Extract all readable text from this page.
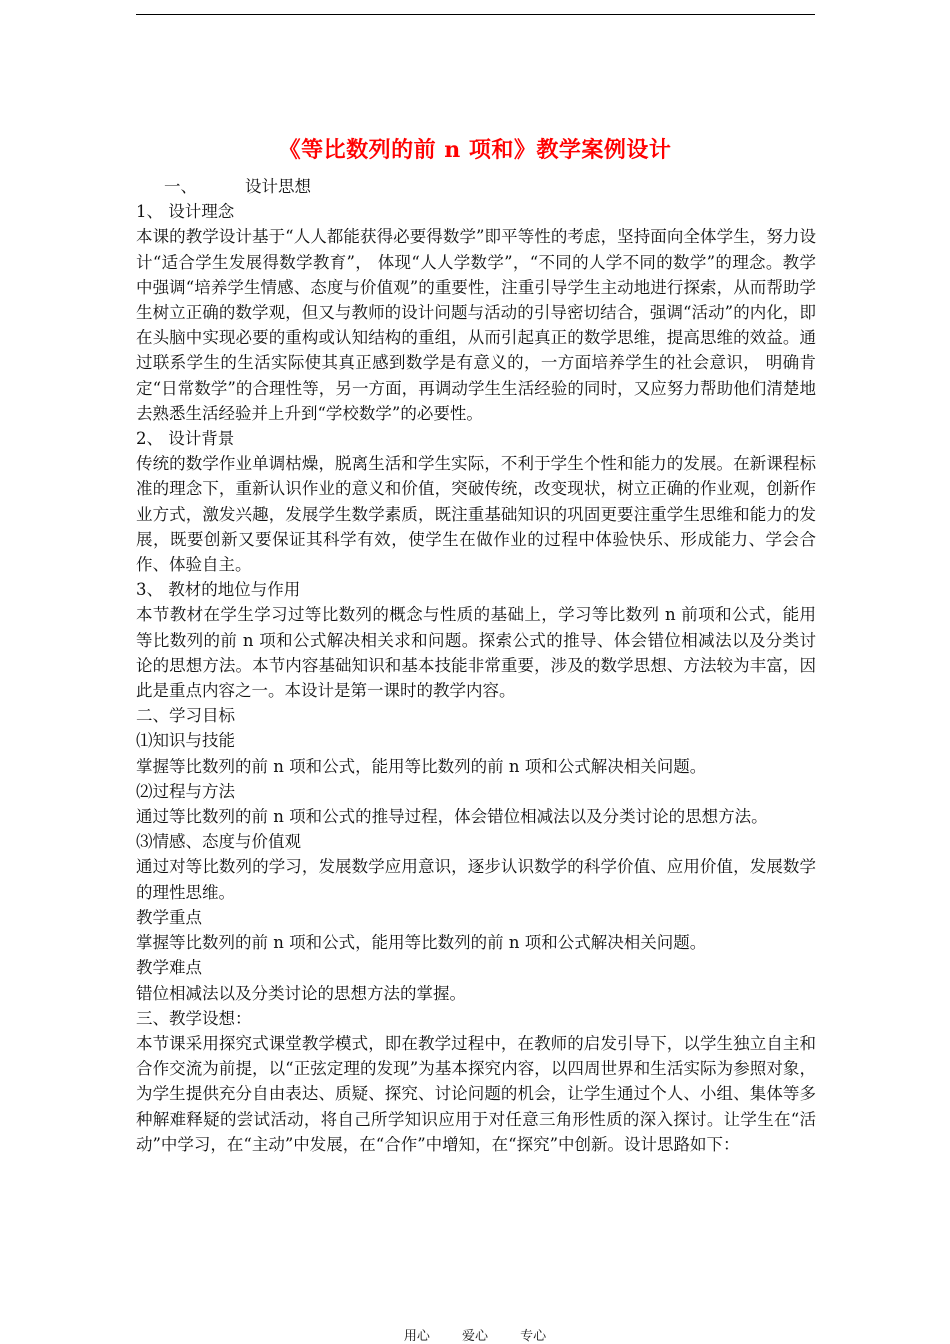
《等比数列的前 n 项和》教学案例设计

一、	设计思想

1、 设计理念

本课的教学设计基于“人人都能获得必要得数学”即平等性的考虑，坚持面向全体学生，努力设计“适合学生发展得数学教育”， 体现“人人学数学”，“不同的人学不同的数学”的理念。教学中强调“培养学生情感、态度与价值观”的重要性，注重引导学生主动地进行探索，从而帮助学生树立正确的数学观，但又与教师的设计问题与活动的引导密切结合，强调“活动”的内化，即在头脑中实现必要的重构或认知结构的重组，从而引起真正的数学思维，提高思维的效益。通过联系学生的生活实际使其真正感到数学是有意义的，一方面培养学生的社会意识， 明确肯定“日常数学”的合理性等，另一方面，再调动学生生活经验的同时，又应努力帮助他们清楚地去熟悉生活经验并上升到“学校数学”的必要性。

2、 设计背景

传统的数学作业单调枯燥，脱离生活和学生实际，不利于学生个性和能力的发展。在新课程标准的理念下，重新认识作业的意义和价值，突破传统，改变现状，树立正确的作业观，创新作业方式，激发兴趣，发展学生数学素质，既注重基础知识的巩固更要注重学生思维和能力的发展，既要创新又要保证其科学有效，使学生在做作业的过程中体验快乐、形成能力、学会合作、体验自主。

3、 教材的地位与作用

本节教材在学生学习过等比数列的概念与性质的基础上，学习等比数列 n 前项和公式，能用等比数列的前 n 项和公式解决相关求和问题。探索公式的推导、体会错位相减法以及分类讨论的思想方法。本节内容基础知识和基本技能非常重要，涉及的数学思想、方法较为丰富，因此是重点内容之一。本设计是第一课时的教学内容。

二、学习目标

⑴知识与技能

掌握等比数列的前 n 项和公式，能用等比数列的前 n 项和公式解决相关问题。

⑵过程与方法

通过等比数列的前 n 项和公式的推导过程，体会错位相减法以及分类讨论的思想方法。

⑶情感、态度与价值观

通过对等比数列的学习，发展数学应用意识，逐步认识数学的科学价值、应用价值，发展数学的理性思维。

教学重点

掌握等比数列的前 n 项和公式，能用等比数列的前 n 项和公式解决相关问题。

教学难点

错位相减法以及分类讨论的思想方法的掌握。

三、教学设想：

本节课采用探究式课堂教学模式，即在教学过程中，在教师的启发引导下，以学生独立自主和合作交流为前提，以“正弦定理的发现”为基本探究内容，以四周世界和生活实际为参照对象，为学生提供充分自由表达、质疑、探究、讨论问题的机会，让学生通过个人、小组、集体等多种解难释疑的尝试活动，将自己所学知识应用于对任意三角形性质的深入探讨。让学生在“活动”中学习，在“主动”中发展，在“合作”中增知，在“探究”中创新。设计思路如下：

用心 爱心 专心
